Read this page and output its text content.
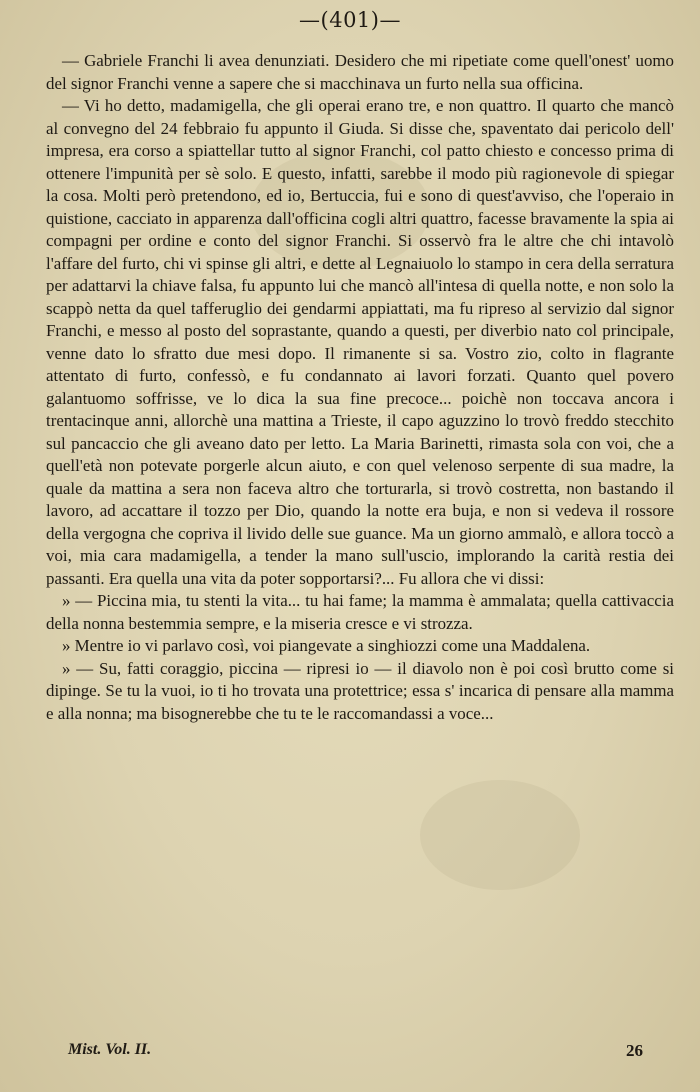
—(401)—

— Gabriele Franchi li avea denunziati. Desidero che mi ripetiate come quell'onest' uomo del signor Franchi venne a sapere che si macchinava un furto nella sua officina.

— Vi ho detto, madamigella, che gli operai erano tre, e non quattro. Il quarto che mancò al convegno del 24 febbraio fu appunto il Giuda. Si disse che, spaventato dai pericolo dell' impresa, era corso a spiattellar tutto al signor Franchi, col patto chiesto e concesso prima di ottenere l'impunità per sè solo. E questo, infatti, sarebbe il modo più ragionevole di spiegar la cosa. Molti però pretendono, ed io, Bertuccia, fui e sono di quest'avviso, che l'operaio in quistione, cacciato in apparenza dall'officina cogli altri quattro, facesse bravamente la spia ai compagni per ordine e conto del signor Franchi. Si osservò fra le altre che chi intavolò l'affare del furto, chi vi spinse gli altri, e dette al Legnaiuolo lo stampo in cera della serratura per adattarvi la chiave falsa, fu appunto lui che mancò all'intesa di quella notte, e non solo la scappò netta da quel tafferuglio dei gendarmi appiattati, ma fu ripreso al servizio dal signor Franchi, e messo al posto del soprastante, quando a questi, per diverbio nato col principale, venne dato lo sfratto due mesi dopo. Il rimanente si sa. Vostro zio, colto in flagrante attentato di furto, confessò, e fu condannato ai lavori forzati. Quanto quel povero galantuomo soffrisse, ve lo dica la sua fine precoce... poichè non toccava ancora i trentacinque anni, allorchè una mattina a Trieste, il capo aguzzino lo trovò freddo stecchito sul pancaccio che gli aveano dato per letto. La Maria Barinetti, rimasta sola con voi, che a quell'età non potevate porgerle alcun aiuto, e con quel velenoso serpente di sua madre, la quale da mattina a sera non faceva altro che torturarla, si trovò costretta, non bastando il lavoro, ad accattare il tozzo per Dio, quando la notte era buja, e non si vedeva il rossore della vergogna che copriva il livido delle sue guance. Ma un giorno ammalò, e allora toccò a voi, mia cara madamigella, a tender la mano sull'uscio, implorando la carità restia dei passanti. Era quella una vita da poter sopportarsi?... Fu allora che vi dissi:

» — Piccina mia, tu stenti la vita... tu hai fame; la mamma è ammalata; quella cattivaccia della nonna bestemmia sempre, e la miseria cresce e vi strozza.

» Mentre io vi parlavo così, voi piangevate a singhiozzi come una Maddalena.

» — Su, fatti coraggio, piccina — ripresi io — il diavolo non è poi così brutto come si dipinge. Se tu la vuoi, io ti ho trovata una protettrice; essa s' incarica di pensare alla mamma e alla nonna; ma bisognerebbe che tu te le raccomandassi a voce...

Mist. Vol. II.	26
